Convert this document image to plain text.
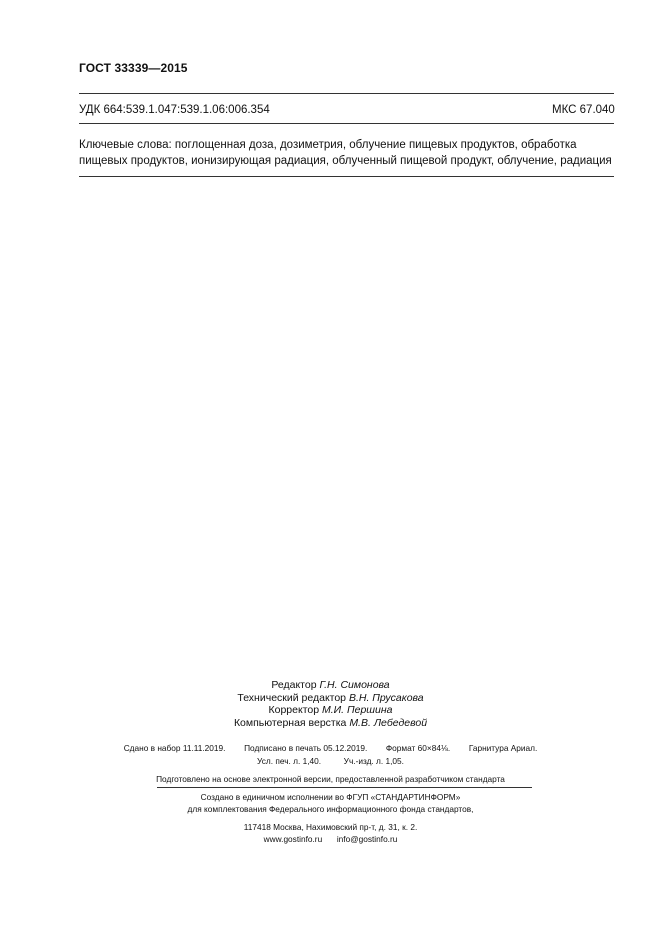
ГОСТ 33339—2015
УДК 664:539.1.047:539.1.06:006.354	МКС 67.040
Ключевые слова: поглощенная доза, дозиметрия, облучение пищевых продуктов, обработка пищевых продуктов, ионизирующая радиация, облученный пищевой продукт, облучение, радиация
Редактор Г.Н. Симонова
Технический редактор В.Н. Прусакова
Корректор М.И. Першина
Компьютерная верстка М.В. Лебедевой
Сдано в набор 11.11.2019. Подписано в печать 05.12.2019. Формат 60×84⅛. Гарнитура Ариал.
Усл. печ. л. 1,40.	Уч.-изд. л. 1,05.
Подготовлено на основе электронной версии, предоставленной разработчиком стандарта
Создано в единичном исполнении во ФГУП «СТАНДАРТИНФОРМ»
для комплектования Федерального информационного фонда стандартов,
117418 Москва, Нахимовский пр-т, д. 31, к. 2.
www.gostinfo.ru info@gostinfo.ru
